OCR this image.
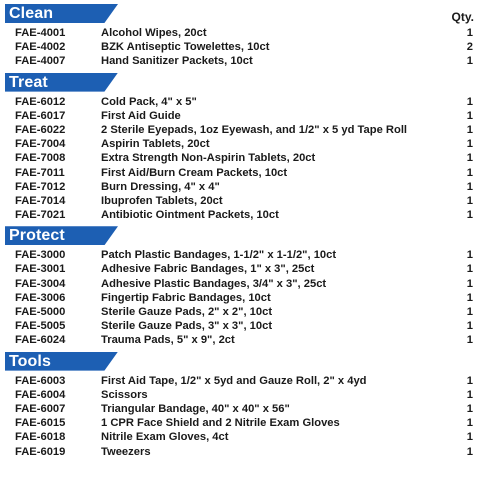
Clean	Qty.
FAE-4001	Alcohol Wipes, 20ct	1
FAE-4002	BZK Antiseptic Towelettes, 10ct	2
FAE-4007	Hand Sanitizer Packets, 10ct	1
Treat
FAE-6012	Cold Pack, 4" x 5"	1
FAE-6017	First Aid Guide	1
FAE-6022	2 Sterile Eyepads, 1oz Eyewash, and 1/2" x 5 yd Tape Roll	1
FAE-7004	Aspirin Tablets, 20ct	1
FAE-7008	Extra Strength Non-Aspirin Tablets, 20ct	1
FAE-7011	First Aid/Burn Cream Packets, 10ct	1
FAE-7012	Burn Dressing, 4" x 4"	1
FAE-7014	Ibuprofen Tablets, 20ct	1
FAE-7021	Antibiotic Ointment Packets, 10ct	1
Protect
FAE-3000	Patch Plastic Bandages, 1-1/2" x 1-1/2", 10ct	1
FAE-3001	Adhesive Fabric Bandages, 1" x 3", 25ct	1
FAE-3004	Adhesive Plastic Bandages, 3/4" x 3", 25ct	1
FAE-3006	Fingertip Fabric Bandages, 10ct	1
FAE-5000	Sterile Gauze Pads, 2" x 2", 10ct	1
FAE-5005	Sterile Gauze Pads, 3" x 3", 10ct	1
FAE-6024	Trauma Pads, 5" x 9", 2ct	1
Tools
FAE-6003	First Aid Tape, 1/2" x 5yd and Gauze Roll, 2" x 4yd	1
FAE-6004	Scissors	1
FAE-6007	Triangular Bandage, 40" x 40" x 56"	1
FAE-6015	1 CPR Face Shield and 2 Nitrile Exam Gloves	1
FAE-6018	Nitrile Exam Gloves, 4ct	1
FAE-6019	Tweezers	1
